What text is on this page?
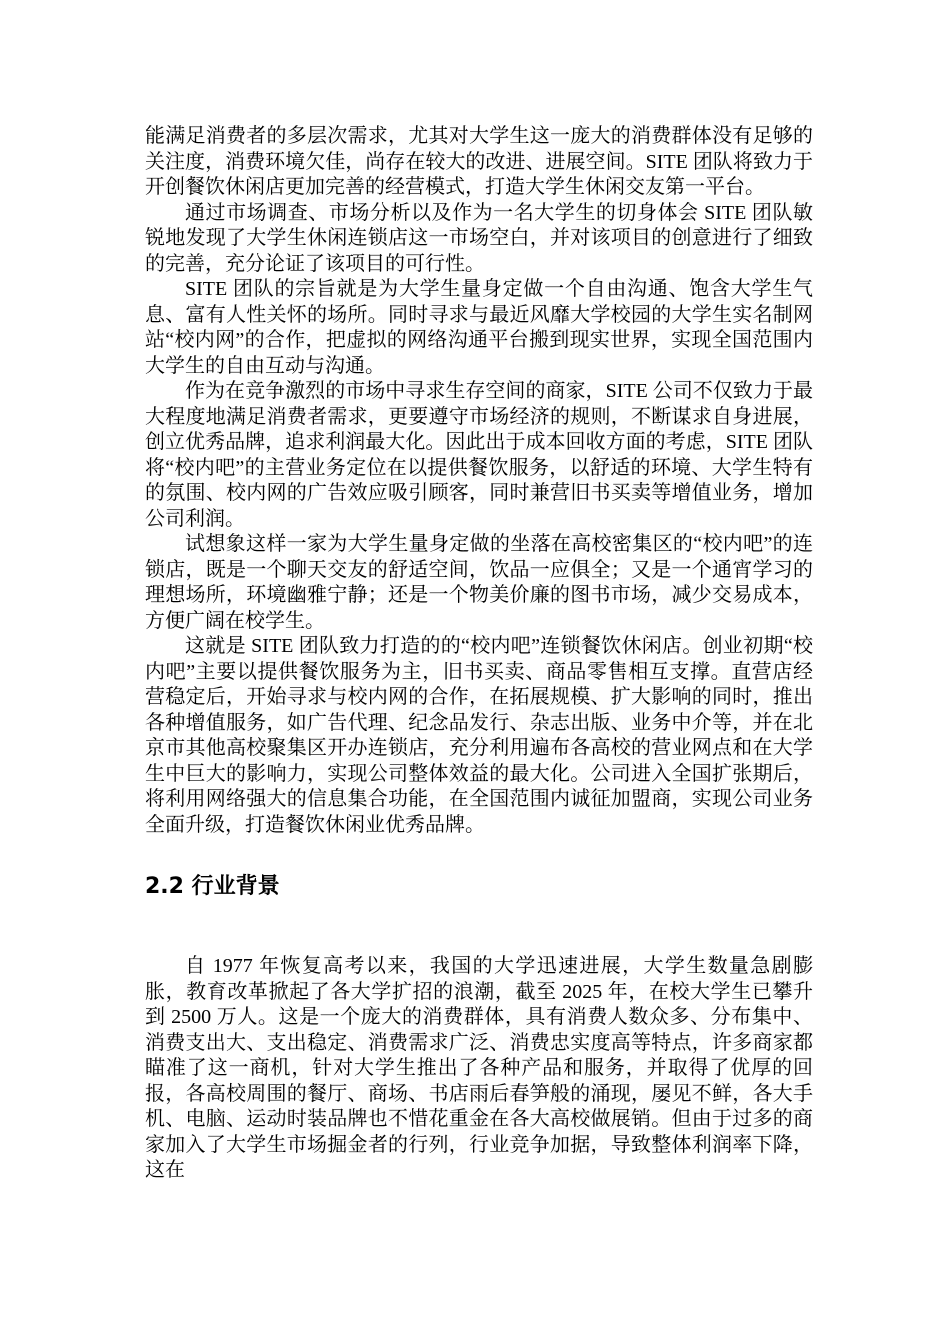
能满足消费者的多层次需求，尤其对大学生这一庞大的消费群体没有足够的关注度，消费环境欠佳，尚存在较大的改进、进展空间。SITE 团队将致力于开创餐饮休闲店更加完善的经营模式，打造大学生休闲交友第一平台。

通过市场调查、市场分析以及作为一名大学生的切身体会 SITE 团队敏锐地发现了大学生休闲连锁店这一市场空白，并对该项目的创意进行了细致的完善，充分论证了该项目的可行性。

SITE 团队的宗旨就是为大学生量身定做一个自由沟通、饱含大学生气息、富有人性关怀的场所。同时寻求与最近风靡大学校园的大学生实名制网站“校内网”的合作，把虚拟的网络沟通平台搬到现实世界，实现全国范围内大学生的自由互动与沟通。

作为在竞争激烈的市场中寻求生存空间的商家，SITE 公司不仅致力于最大程度地满足消费者需求，更要遵守市场经济的规则，不断谋求自身进展，创立优秀品牌，追求利润最大化。因此出于成本回收方面的考虑，SITE 团队将“校内吧”的主营业务定位在以提供餐饮服务，以舒适的环境、大学生特有的氛围、校内网的广告效应吸引顾客，同时兼营旧书买卖等增值业务，增加公司利润。

试想象这样一家为大学生量身定做的坐落在高校密集区的“校内吧”的连锁店，既是一个聊天交友的舒适空间，饮品一应俱全；又是一个通宵学习的理想场所，环境幽雅宁静；还是一个物美价廉的图书市场，减少交易成本，方便广阔在校学生。

这就是 SITE 团队致力打造的的“校内吧”连锁餐饮休闲店。创业初期“校内吧”主要以提供餐饮服务为主，旧书买卖、商品零售相互支撑。直营店经营稳定后，开始寻求与校内网的合作，在拓展规模、扩大影响的同时，推出各种增值服务，如广告代理、纪念品发行、杂志出版、业务中介等，并在北京市其他高校聚集区开办连锁店，充分利用遍布各高校的营业网点和在大学生中巨大的影响力，实现公司整体效益的最大化。公司进入全国扩张期后，将利用网络强大的信息集合功能，在全国范围内诚征加盟商，实现公司业务全面升级，打造餐饮休闲业优秀品牌。

2.2 行业背景

自 1977 年恢复高考以来，我国的大学迅速进展，大学生数量急剧膨胀，教育改革掀起了各大学扩招的浪潮，截至 2025 年，在校大学生已攀升到 2500 万人。这是一个庞大的消费群体，具有消费人数众多、分布集中、消费支出大、支出稳定、消费需求广泛、消费忠实度高等特点，许多商家都瞄准了这一商机，针对大学生推出了各种产品和服务，并取得了优厚的回报，各高校周围的餐厅、商场、书店雨后春笋般的涌现，屡见不鲜，各大手机、电脑、运动时装品牌也不惜花重金在各大高校做展销。但由于过多的商家加入了大学生市场掘金者的行列，行业竞争加据，导致整体利润率下降，这在
